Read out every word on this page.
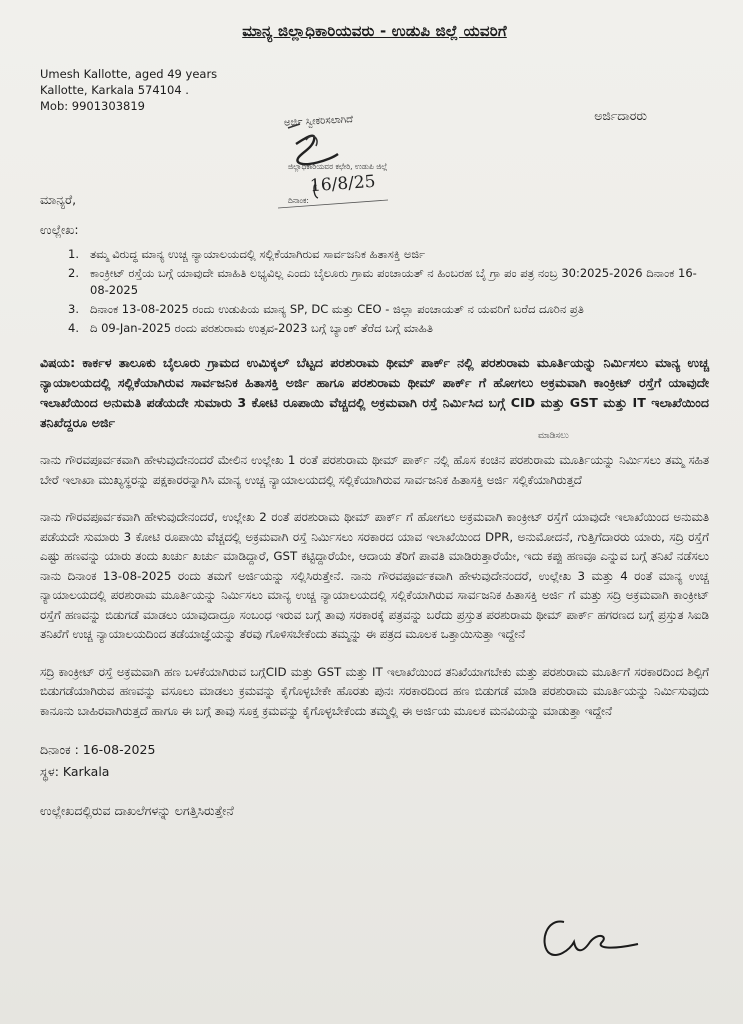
ಮಾನ್ಯ ಜಿಲ್ಲಾಧಿಕಾರಿಯವರು - ಉಡುಪಿ ಜಿಲ್ಲೆ ಯವರಿಗೆ
Umesh Kallotte, aged 49 years
Kallotte, Karkala 574104 .
Mob: 9901303819
ಅರ್ಜಿದಾರರು
ಅರ್ಜಿ ಸ್ವೀಕರಿಸಲಾಗಿದೆ
ಜಿಲ್ಲಾಧಿಕಾರಿಯವರ ಕಛೇರಿ, ಉಡುಪಿ ಜಿಲ್ಲೆ
16/8/25
ದಿನಾಂಕ:
ಮಾನ್ಯರೆ,
ಉಲ್ಲೇಖ:
1. ತಮ್ಮ ವಿರುದ್ಧ ಮಾನ್ಯ ಉಚ್ಚ ನ್ಯಾಯಾಲಯದಲ್ಲಿ ಸಲ್ಲಿಕೆಯಾಗಿರುವ ಸಾರ್ವಜನಿಕ ಹಿತಾಸಕ್ತಿ ಅರ್ಜಿ
2. ಕಾಂಕ್ರೀಟ್ ರಸ್ತೆಯ ಬಗ್ಗೆ ಯಾವುದೇ ಮಾಹಿತಿ ಲಭ್ಯವಿಲ್ಲ ಎಂದು ಬೈಲೂರು ಗ್ರಾಮ ಪಂಚಾಯತ್ ನ ಹಿಂಬರಹ ಬೈ ಗ್ರಾ ಪಂ ಪತ್ರ ನಂಬ್ರ 30:2025-2026 ದಿನಾಂಕ 16-08-2025
3. ದಿನಾಂಕ 13-08-2025 ರಂದು ಉಡುಪಿಯ ಮಾನ್ಯ SP, DC ಮತ್ತು CEO - ಜಿಲ್ಲಾ ಪಂಚಾಯತ್ ನ ಯವರಿಗೆ ಬರೆದ ದೂರಿನ ಪ್ರತಿ
4. ದಿ 09-Jan-2025 ರಂದು ಪರಶುರಾಮ ಉತ್ಸವ-2023 ಬಗ್ಗೆ ಬ್ಯಾಂಕ್ ತೆರೆದ ಬಗ್ಗೆ ಮಾಹಿತಿ

ವಿಷಯ: ಕಾರ್ಕಳ ತಾಲೂಕು ಬೈಲೂರು ಗ್ರಾಮದ ಉಮಿಕ್ಕಲ್ ಬೆಟ್ಟದ ಪರಶುರಾಮ ಥೀಮ್ ಪಾರ್ಕ್ ನಲ್ಲಿ ಪರಶುರಾಮ ಮೂರ್ತಿಯನ್ನು ನಿರ್ಮಿಸಲು ಮಾನ್ಯ ಉಚ್ಚ ನ್ಯಾಯಾಲಯದಲ್ಲಿ ಸಲ್ಲಿಕೆಯಾಗಿರುವ ಸಾರ್ವಜನಿಕ ಹಿತಾಸಕ್ತಿ ಅರ್ಜಿ ಹಾಗೂ ಪರಶುರಾಮ ಥೀಮ್ ಪಾರ್ಕ್ ಗೆ ಹೋಗಲು ಅಕ್ರಮವಾಗಿ ಕಾಂಕ್ರೀಟ್ ರಸ್ತೆಗೆ ಯಾವುದೇ ಇಲಾಖೆಯಿಂದ ಅನುಮತಿ ಪಡೆಯದೇ ಸುಮಾರು 3 ಕೋಟಿ ರೂಪಾಯಿ ವೆಚ್ಚದಲ್ಲಿ ಅಕ್ರಮವಾಗಿ ರಸ್ತೆ ನಿರ್ಮಿಸಿದ ಬಗ್ಗೆ CID ಮತ್ತು GST ಮತ್ತು IT ಇಲಾಖೆಯಿಂದ ತನಿಖೆದ್ದರೂ ಅರ್ಜಿ

ಮಾಡಿಸಲು

ನಾನು ಗೌರವಪೂರ್ವಕವಾಗಿ ಹೇಳುವುದೇನಂದರೆ ಮೇಲಿನ ಉಲ್ಲೇಖ 1 ರಂತೆ ಪರಶುರಾಮ ಥೀಮ್ ಪಾರ್ಕ್ ನಲ್ಲಿ ಹೊಸ ಕಂಚಿನ ಪರಶುರಾಮ ಮೂರ್ತಿಯನ್ನು ನಿರ್ಮಿಸಲು ತಮ್ಮ ಸಹಿತ ಬೇರೆ ಇಲಾಖಾ ಮುಖ್ಯಸ್ಥರನ್ನು ಪಕ್ಷಕಾರರನ್ನಾಗಿಸಿ ಮಾನ್ಯ ಉಚ್ಚ ನ್ಯಾಯಾಲಯದಲ್ಲಿ ಸಲ್ಲಿಕೆಯಾಗಿರುವ ಸಾರ್ವಜನಿಕ ಹಿತಾಸಕ್ತಿ ಅರ್ಜಿ ಸಲ್ಲಿಕೆಯಾಗಿರುತ್ತದೆ

ನಾನು ಗೌರವಪೂರ್ವಕವಾಗಿ ಹೇಳುವುದೇನಂದರೆ, ಉಲ್ಲೇಖ 2 ರಂತೆ ಪರಶುರಾಮ ಥೀಮ್ ಪಾರ್ಕ್ ಗೆ ಹೋಗಲು ಅಕ್ರಮವಾಗಿ ಕಾಂಕ್ರೀಟ್ ರಸ್ತೆಗೆ ಯಾವುದೇ ಇಲಾಖೆಯಿಂದ ಅನುಮತಿ ಪಡೆಯದೇ ಸುಮಾರು 3 ಕೋಟಿ ರೂಪಾಯಿ ವೆಚ್ಚದಲ್ಲಿ ಅಕ್ರಮವಾಗಿ ರಸ್ತೆ ನಿರ್ಮಿಸಲು ಸರಕಾರದ ಯಾವ ಇಲಾಖೆಯಿಂದ DPR, ಅನುಮೋದನೆ, ಗುತ್ತಿಗೆದಾರರು ಯಾರು, ಸದ್ರಿ ರಸ್ತೆಗೆ ಎಷ್ಟು ಹಣವನ್ನು ಯಾರು ತಂದು ಖರ್ಚು ಖರ್ಚು ಮಾಡಿದ್ದಾರೆ, GST ಕಟ್ಟಿದ್ದಾರೆಯೇ, ಆದಾಯ ತೆರಿಗೆ ಪಾವತಿ ಮಾಡಿರುತ್ತಾರೆಯೇ, ಇದು ಕಪ್ಪು ಹಣವೂ ಎನ್ನುವ ಬಗ್ಗೆ ತನಿಖೆ ನಡೆಸಲು ನಾನು ದಿನಾಂಕ 13-08-2025 ರಂದು ತಮಗೆ ಅರ್ಜಿಯನ್ನು ಸಲ್ಲಿಸಿರುತ್ತೇನೆ. ನಾನು ಗೌರವಪೂರ್ವಕವಾಗಿ ಹೇಳುವುದೇನಂದರೆ, ಉಲ್ಲೇಖ 3 ಮತ್ತು 4 ರಂತೆ ಮಾನ್ಯ ಉಚ್ಚ ನ್ಯಾಯಾಲಯದಲ್ಲಿ ಪರಶುರಾಮ ಮೂರ್ತಿಯನ್ನು ನಿರ್ಮಿಸಲು ಮಾನ್ಯ ಉಚ್ಚ ನ್ಯಾಯಾಲಯದಲ್ಲಿ ಸಲ್ಲಿಕೆಯಾಗಿರುವ ಸಾರ್ವಜನಿಕ ಹಿತಾಸಕ್ತಿ ಅರ್ಜಿ ಗೆ ಮತ್ತು ಸದ್ರಿ ಅಕ್ರಮವಾಗಿ ಕಾಂಕ್ರೀಟ್ ರಸ್ತೆಗೆ ಹಣವನ್ನು ಬಿಡುಗಡೆ ಮಾಡಲು ಯಾವುದಾದ್ರೂ ಸಂಬಂಧ ಇರುವ ಬಗ್ಗೆ ತಾವು ಸರಕಾರಕ್ಕೆ ಪತ್ರವನ್ನು ಬರೆದು ಪ್ರಸ್ತುತ ಪರಶುರಾಮ ಥೀಮ್ ಪಾರ್ಕ್ ಹಗರಣದ ಬಗ್ಗೆ ಪ್ರಸ್ತುತ ಸಿಐಡಿ ತನಿಖೆಗೆ ಉಚ್ಚ ನ್ಯಾಯಾಲಯದಿಂದ ತಡೆಯಾಜ್ಞೆಯನ್ನು ತೆರವು ಗೊಳಿಸಬೇಕೆಂದು ತಮ್ಮನ್ನು ಈ ಪತ್ರದ ಮೂಲಕ ಒತ್ತಾಯಿಸುತ್ತಾ ಇದ್ದೇನೆ

ಸದ್ರಿ ಕಾಂಕ್ರೀಟ್ ರಸ್ತೆ ಅಕ್ರಮವಾಗಿ ಹಣ ಬಳಕೆಯಾಗಿರುವ ಬಗ್ಗೆCID ಮತ್ತು GST ಮತ್ತು IT ಇಲಾಖೆಯಿಂದ ತನಿಖೆಯಾಗಬೇಕು ಮತ್ತು ಪರಶುರಾಮ ಮೂರ್ತಿಗೆ ಸರಕಾರದಿಂದ ಶಿಲ್ಪಿಗೆ ಬಿಡುಗಡೆಯಾಗಿರುವ ಹಣವನ್ನು ವಸೂಲು ಮಾಡಲು ಕ್ರಮವನ್ನು ಕೈಗೊಳ್ಳಬೇಕೇ ಹೊರತು ಪುನಃ ಸರಕಾರದಿಂದ ಹಣ ಬಿಡುಗಡೆ ಮಾಡಿ ಪರಶುರಾಮ ಮೂರ್ತಿಯನ್ನು ನಿರ್ಮಿಸುವುದು ಕಾನೂನು ಬಾಹಿರವಾಗಿರುತ್ತದೆ ಹಾಗೂ ಈ ಬಗ್ಗೆ ತಾವು ಸೂಕ್ತ ಕ್ರಮವನ್ನು ಕೈಗೊಳ್ಳಬೇಕೆಂದು ತಮ್ಮಲ್ಲಿ ಈ ಅರ್ಜಿಯ ಮೂಲಕ ಮನವಿಯನ್ನು ಮಾಡುತ್ತಾ ಇದ್ದೇನೆ

ದಿನಾಂಕ : 16-08-2025
ಸ್ಥಳ: Karkala
ಉಲ್ಲೇಖದಲ್ಲಿರುವ ದಾಖಲೆಗಳನ್ನು ಲಗತ್ತಿಸಿರುತ್ತೇನೆ
